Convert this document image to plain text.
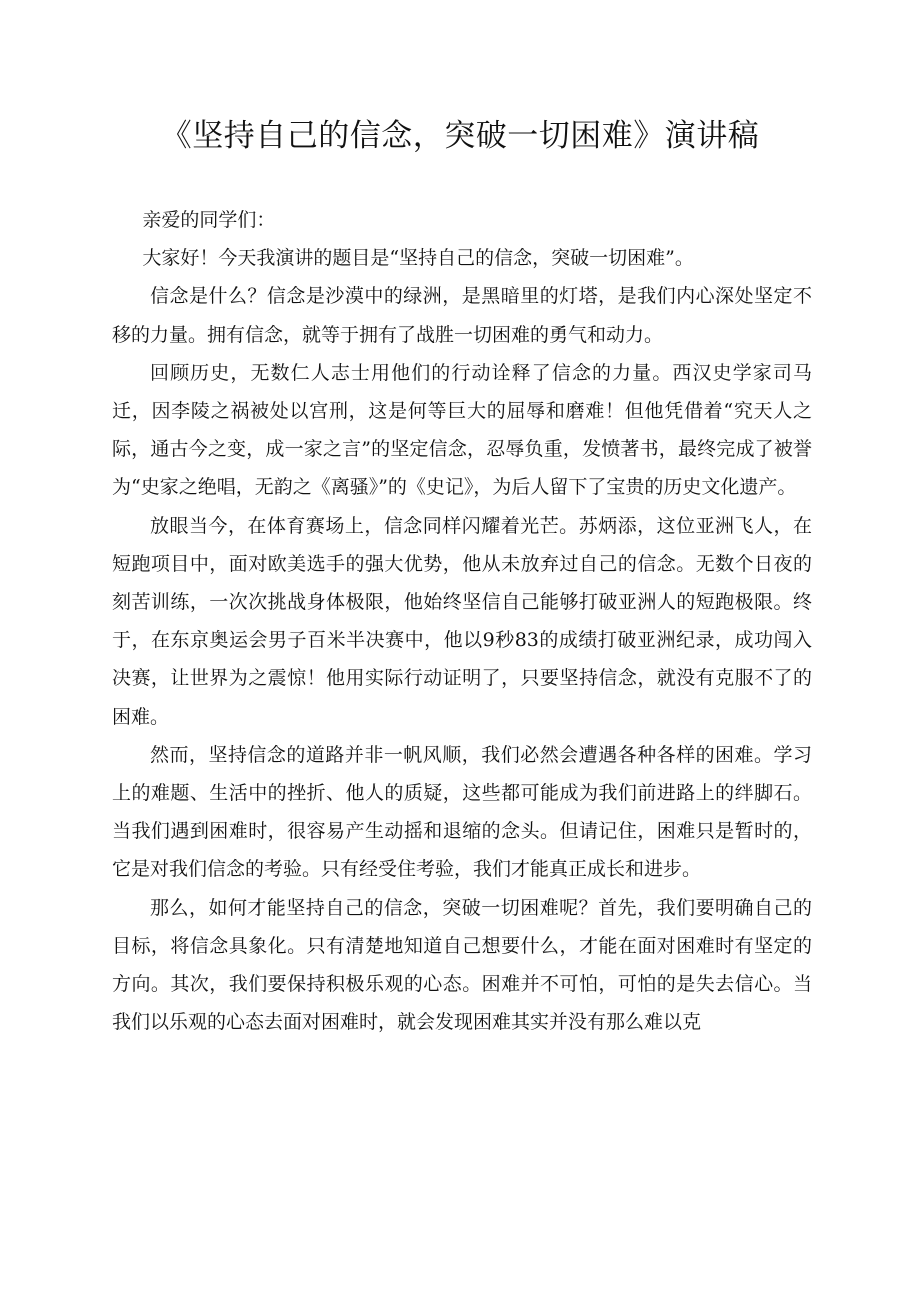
《坚持自己的信念，突破一切困难》演讲稿

亲爱的同学们：

大家好！今天我演讲的题目是“坚持自己的信念，突破一切困难”。

信念是什么？信念是沙漠中的绿洲，是黑暗里的灯塔，是我们内心深处坚定不移的力量。拥有信念，就等于拥有了战胜一切困难的勇气和动力。

回顾历史，无数仁人志士用他们的行动诠释了信念的力量。西汉史学家司马迁，因李陵之祸被处以宫刑，这是何等巨大的屈辱和磨难！但他凭借着“究天人之际，通古今之变，成一家之言”的坚定信念，忍辱负重，发愤著书，最终完成了被誉为“史家之绝唱，无韵之《离骚》”的《史记》，为后人留下了宝贵的历史文化遗产。

放眼当今，在体育赛场上，信念同样闪耀着光芒。苏炳添，这位亚洲飞人，在短跑项目中，面对欧美选手的强大优势，他从未放弃过自己的信念。无数个日夜的刻苦训练，一次次挑战身体极限，他始终坚信自己能够打破亚洲人的短跑极限。终于，在东京奥运会男子百米半决赛中，他以9秒83的成绩打破亚洲纪录，成功闯入决赛，让世界为之震惊！他用实际行动证明了，只要坚持信念，就没有克服不了的困难。

然而，坚持信念的道路并非一帆风顺，我们必然会遭遇各种各样的困难。学习上的难题、生活中的挫折、他人的质疑，这些都可能成为我们前进路上的绊脚石。当我们遇到困难时，很容易产生动摇和退缩的念头。但请记住，困难只是暂时的，它是对我们信念的考验。只有经受住考验，我们才能真正成长和进步。

那么，如何才能坚持自己的信念，突破一切困难呢？首先，我们要明确自己的目标，将信念具象化。只有清楚地知道自己想要什么，才能在面对困难时有坚定的方向。其次，我们要保持积极乐观的心态。困难并不可怕，可怕的是失去信心。当我们以乐观的心态去面对困难时，就会发现困难其实并没有那么难以克
